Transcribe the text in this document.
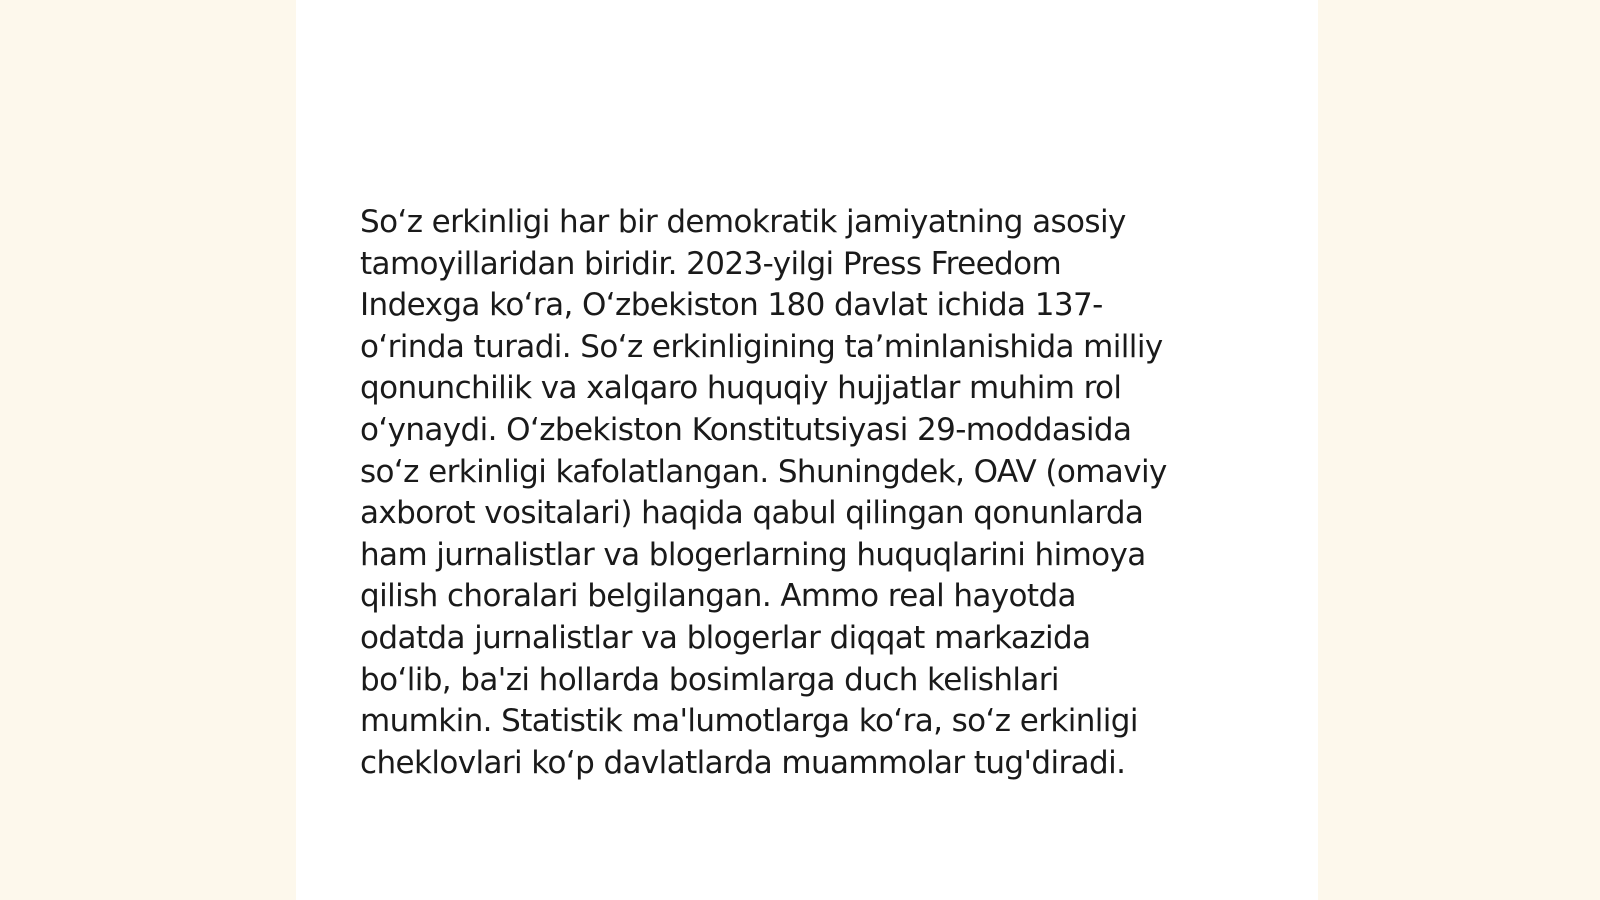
So‘z erkinligi har bir demokratik jamiyatning asosiy
tamoyillaridan biridir. 2023-yilgi Press Freedom
Indexga ko‘ra, O‘zbekiston 180 davlat ichida 137-
o‘rinda turadi. So‘z erkinligining ta’minlanishida milliy
qonunchilik va xalqaro huquqiy hujjatlar muhim rol
o‘ynaydi. O‘zbekiston Konstitutsiyasi 29-moddasida
so‘z erkinligi kafolatlangan. Shuningdek, OAV (omaviy
axborot vositalari) haqida qabul qilingan qonunlarda
ham jurnalistlar va blogerlarning huquqlarini himoya
qilish choralari belgilangan. Ammo real hayotda
odatda jurnalistlar va blogerlar diqqat markazida
bo‘lib, ba'zi hollarda bosimlarga duch kelishlari
mumkin. Statistik ma'lumotlarga ko‘ra, so‘z erkinligi
cheklovlari ko‘p davlatlarda muammolar tug'diradi.
